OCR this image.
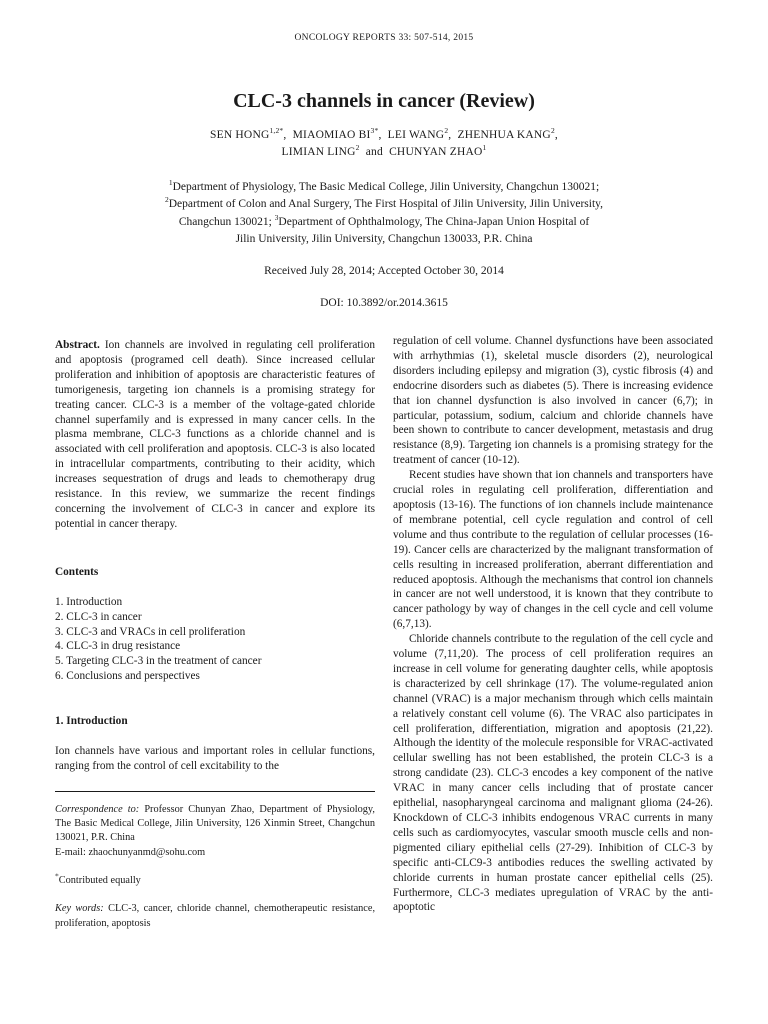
ONCOLOGY REPORTS 33: 507-514, 2015
CLC-3 channels in cancer (Review)
SEN $HONG^{1,2*}$,  MIAOMIAO $BI^{3*}$,  LEI WANG$^2$,  ZHENHUA KANG$^2$,
LIMIAN LING$^2$ and CHUNYAN ZHAO$^1$
$^1$Department of Physiology, The Basic Medical College, Jilin University, Changchun 130021;
$^2$Department of Colon and Anal Surgery, The First Hospital of Jilin University, Jilin University,
Changchun 130021; $^3$Department of Ophthalmology, The China-Japan Union Hospital of
Jilin University, Jilin University, Changchun 130033, P.R. China
Received July 28, 2014; Accepted October 30, 2014
DOI: 10.3892/or.2014.3615

Abstract. Ion channels are involved in regulating cell proliferation and apoptosis (programed cell death). Since increased cellular proliferation and inhibition of apoptosis are characteristic features of tumorigenesis, targeting ion channels is a promising strategy for treating cancer. CLC-3 is a member of the voltage-gated chloride channel superfamily and is expressed in many cancer cells. In the plasma membrane, CLC-3 functions as a chloride channel and is associated with cell proliferation and apoptosis. CLC-3 is also located in intracellular compartments, contributing to their acidity, which increases sequestration of drugs and leads to chemotherapy drug resistance. In this review, we summarize the recent findings concerning the involvement of CLC-3 in cancer and explore its potential in cancer therapy.

Contents

1. Introduction
2. CLC-3 in cancer
3. CLC-3 and VRACs in cell proliferation
4. CLC-3 in drug resistance
5. Targeting CLC-3 in the treatment of cancer
6. Conclusions and perspectives

1. Introduction

Ion channels have various and important roles in cellular functions, ranging from the control of cell excitability to the

Correspondence to: Professor Chunyan Zhao, Department of Physiology, The Basic Medical College, Jilin University, 126 Xinmin Street, Changchun 130021, P.R. China
E-mail: zhaochunyanmd@sohu.com
*Contributed equally
Key words: CLC-3, cancer, chloride channel, chemotherapeutic resistance, proliferation, apoptosis

regulation of cell volume. Channel dysfunctions have been associated with arrhythmias (1), skeletal muscle disorders (2), neurological disorders including epilepsy and migration (3), cystic fibrosis (4) and endocrine disorders such as diabetes (5). There is increasing evidence that ion channel dysfunction is also involved in cancer (6,7); in particular, potassium, sodium, calcium and chloride channels have been shown to contribute to cancer development, metastasis and drug resistance (8,9). Targeting ion channels is a promising strategy for the treatment of cancer (10-12).

Recent studies have shown that ion channels and transporters have crucial roles in regulating cell proliferation, differentiation and apoptosis (13-16). The functions of ion channels include maintenance of membrane potential, cell cycle regulation and control of cell volume and thus contribute to the regulation of cellular processes (16-19). Cancer cells are characterized by the malignant transformation of cells resulting in increased proliferation, aberrant differentiation and reduced apoptosis. Although the mechanisms that control ion channels in cancer are not well understood, it is known that they contribute to cancer pathology by way of changes in the cell cycle and cell volume (6,7,13).

Chloride channels contribute to the regulation of the cell cycle and volume (7,11,20). The process of cell proliferation requires an increase in cell volume for generating daughter cells, while apoptosis is characterized by cell shrinkage (17). The volume-regulated anion channel (VRAC) is a major mechanism through which cells maintain a relatively constant cell volume (6). The VRAC also participates in cell proliferation, differentiation, migration and apoptosis (21,22). Although the identity of the molecule responsible for VRAC-activated cellular swelling has not been established, the protein CLC-3 is a strong candidate (23). CLC-3 encodes a key component of the native VRAC in many cancer cells including that of prostate cancer epithelial, nasopharyngeal carcinoma and malignant glioma (24-26). Knockdown of CLC-3 inhibits endogenous VRAC currents in many cells such as cardiomyocytes, vascular smooth muscle cells and non-pigmented ciliary epithelial cells (27-29). Inhibition of CLC-3 by specific anti-CLC9-3 antibodies reduces the swelling activated by chloride currents in human prostate cancer epithelial cells (25). Furthermore, CLC-3 mediates upregulation of VRAC by the anti-apoptotic
